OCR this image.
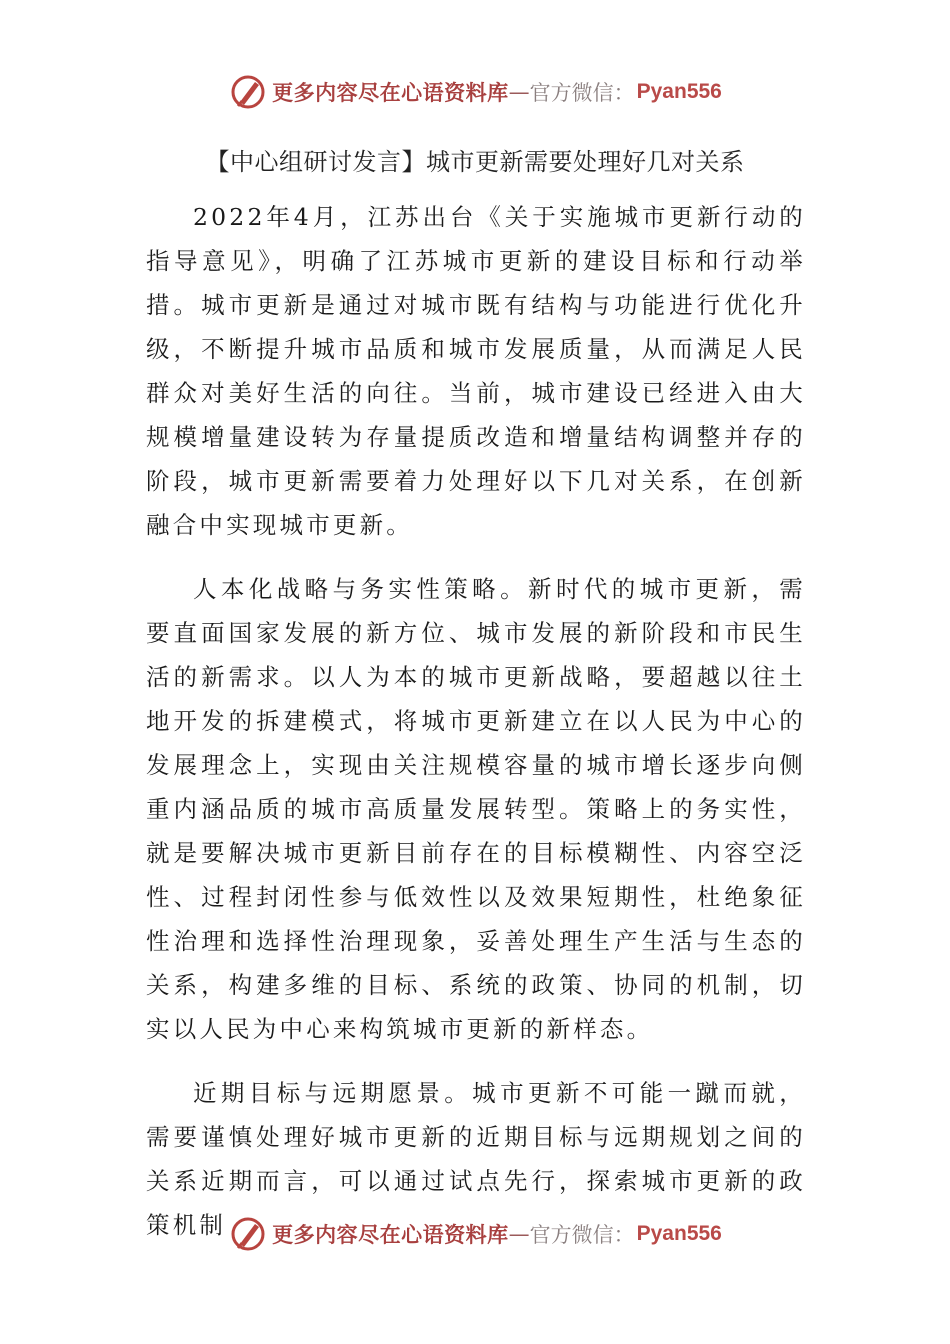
更多内容尽在心语资料库 — 官方微信： Pyan556
【中心组研讨发言】城市更新需要处理好几对关系

2022年4月，江苏出台《关于实施城市更新行动的指导意见》，明确了江苏城市更新的建设目标和行动举措。城市更新是通过对城市既有结构与功能进行优化升级，不断提升城市品质和城市发展质量，从而满足人民群众对美好生活的向往。当前，城市建设已经进入由大规模增量建设转为存量提质改造和增量结构调整并存的阶段，城市更新需要着力处理好以下几对关系，在创新融合中实现城市更新。

人本化战略与务实性策略。新时代的城市更新，需要直面国家发展的新方位、城市发展的新阶段和市民生活的新需求。以人为本的城市更新战略，要超越以往土地开发的拆建模式，将城市更新建立在以人民为中心的发展理念上，实现由关注规模容量的城市增长逐步向侧重内涵品质的城市高质量发展转型。策略上的务实性，就是要解决城市更新目前存在的目标模糊性、内容空泛性、过程封闭性参与低效性以及效果短期性，杜绝象征性治理和选择性治理现象，妥善处理生产生活与生态的关系，构建多维的目标、系统的政策、协同的机制，切实以人民为中心来构筑城市更新的新样态。

近期目标与远期愿景。城市更新不可能一蹴而就，需要谨慎处理好城市更新的近期目标与远期规划之间的关系近期而言，可以通过试点先行，探索城市更新的政策机制	更多内容尽在心语资料库 — 官方微信： Pyan556
